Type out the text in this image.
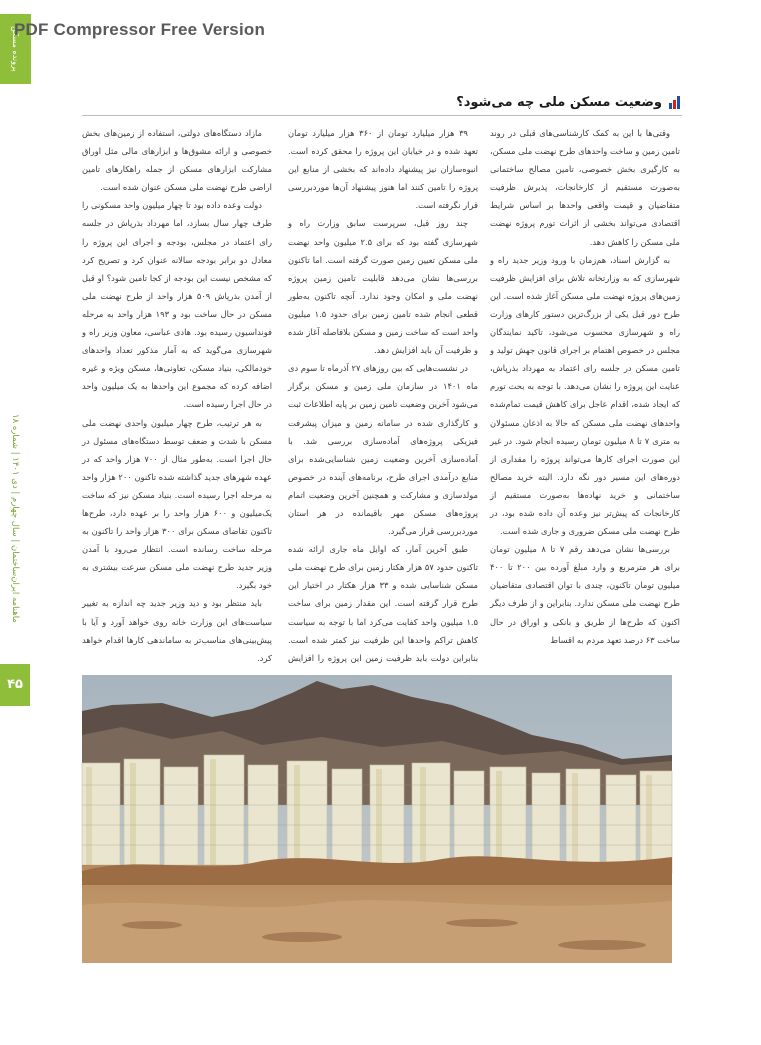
پرونده ‌مسکن
PDF Compressor Free Version
ماهنامه ایران‌ساختمان | سال چهارم | دی ۱۴۰۱ | شماره ۱۸
۴۵
وضعیت مسکن ملی چه می‌شود؟

وقتی‌ها با این به کمک کارشناسی‌های قبلی در روند تامین زمین و ساخت واحدهای طرح نهضت ملی مسکن، به کارگیری بخش خصوصی، تامین مصالح ساختمانی به‌صورت مستقیم از کارخانجات، پذیرش ظرفیت متقاضیان و قیمت واقعی واحدها بر اساس شرایط اقتصادی می‌تواند بخشی از اثرات تورم پروژه نهضت ملی مسکن را کاهش دهد.

به گزارش اسناد، هم‌زمان با ورود وزیر جدید راه و شهرسازی که به وزارتخانه تلاش برای افزایش ظرفیت زمین‌های پروژه نهضت ملی مسکن آغاز شده است. این طرح دور قبل یکی از بزرگ‌ترین دستور کارهای وزارت راه و شهرسازی محسوب می‌شود، تاکید نمایندگان مجلس در خصوص اهتمام بر اجرای قانون جهش تولید و تامین مسکن در جلسه رای اعتماد به مهرداد بذرپاش، عنایت این پروژه را نشان می‌دهد. با توجه به بحث تورم که ایجاد شده، اقدام عاجل برای کاهش قیمت تمام‌شده واحدهای نهضت ملی مسکن که حالا به اذعان مسئولان به متری ۷ تا ۸ میلیون تومان رسیده انجام شود. در غیر این صورت اجرای کارها می‌تواند پروژه را مقداری از دوره‌های این مسیر دور نگه دارد. البته خرید مصالح ساختمانی و خرید نهاده‌ها به‌صورت مستقیم از کارخانجات که پیش‌تر نیز وعده آن داده شده بود، در طرح نهضت ملی مسکن ضروری و جاری شده است.

بررسی‌ها نشان می‌دهد رقم ۷ تا ۸ میلیون تومان برای هر مترمربع و وارد مبلغ آورده بین ۲۰۰ تا ۴۰۰ میلیون تومان تاکنون، چندی با توان اقتصادی متقاضیان طرح نهضت ملی مسکن ندارد. بنابراین و از طرف دیگر اکنون که طرح‌ها از طریق و بانکی و اوراق در حال ساخت ۶۳ درصد تعهد مردم به اقساط

۳۹ هزار میلیارد تومان از ۳۶۰ هزار میلیارد تومان تعهد شده و در خیابان این پروژه را محقق کرده است. انبوه‌سازان نیز پیشنهاد داده‌اند که بخشی از منابع این پروژه را تامین کنند اما هنوز پیشنهاد آن‌ها موردبررسی قرار نگرفته است.

چند روز قبل، سرپرست سابق وزارت راه و شهرسازی گفته بود که برای ۲.۵ میلیون واحد نهضت ملی مسکن تعیین زمین صورت گرفته است. اما تاکنون بررسی‌ها نشان می‌دهد قابلیت تامین زمین پروژه نهضت ملی و امکان وجود ندارد. آنچه تاکنون به‌طور قطعی انجام شده تامین زمین برای حدود ۱.۵ میلیون واحد است که ساخت زمین و مسکن بلافاصله آغاز شده و ظرفیت آن باید افزایش دهد.

در نشست‌هایی که بین روزهای ۲۷ آذرماه تا سوم دی ماه ۱۴۰۱ در سازمان ملی زمین و مسکن برگزار می‌شود آخرین وضعیت تامین زمین بر پایه اطلاعات ثبت و کارگذاری شده در سامانه زمین و میزان پیشرفت فیزیکی پروژه‌های آماده‌سازی بررسی شد. با آماده‌سازی آخرین وضعیت زمین شناسایی‌شده برای منابع درآمدی اجرای طرح، برنامه‌های آینده در خصوص مولدسازی و مشارکت و همچنین آخرین وضعیت اتمام پروژه‌های مسکن مهر باقیمانده در هر استان موردبررسی قرار می‌گیرد.

طبق آخرین آمار، که اوایل ماه جاری ارائه شده تاکنون حدود ۵۷ هزار هکتار زمین برای طرح نهضت ملی مسکن شناسایی شده و ۳۳ هزار هکتار در اختیار این طرح قرار گرفته است. این مقدار زمین برای ساخت ۱.۵ میلیون واحد کفایت می‌کرد اما با توجه به سیاست کاهش تراکم واحدها این ظرفیت نیز کمتر شده است. بنابراین دولت باید ظرفیت زمین این پروژه را افزایش

مازاد دستگاه‌های دولتی، استفاده از زمین‌های بخش خصوصی و ارائه مشوق‌ها و ابزارهای مالی مثل اوراق مشارکت ابزارهای مسکن از جمله راهکارهای تامین اراضی طرح نهضت ملی مسکن عنوان شده است.

دولت وعده داده بود تا چهار میلیون واحد مسکونی را طرف چهار سال بسازد، اما مهرداد بذرپاش در جلسه رای اعتماد در مجلس، بودجه و اجرای این پروژه را معادل دو برابر بودجه سالانه عنوان کرد و تصریح کرد که مشخص نیست این بودجه از کجا تامین شود؟ او قبل از آمدن بذرپاش ۵۰۹ هزار واحد از طرح نهضت ملی مسکن در حال ساخت بود و ۱۹۳ هزار واحد به مرحله فونداسیون رسیده بود. هادی عباسی، معاون وزیر راه و شهرسازی می‌گوید که به آمار مذکور تعداد واحدهای خودمالکی، بنیاد مسکن، تعاونی‌ها، مسکن ویژه و غیره اضافه کرده که مجموع این واحدها به یک میلیون واحد در حال اجرا رسیده است.

به هر ترتیب، طرح چهار میلیون واحدی نهضت ملی مسکن با شدت و ضعف توسط دستگاه‌های مسئول در حال اجرا است. به‌طور مثال از ۷۰۰ هزار واحد که در عهده شهرهای جدید گذاشته شده تاکنون ۲۰۰ هزار واحد به مرحله اجرا رسیده است. بنیاد مسکن نیز که ساخت یک‌میلیون و ۶۰۰ هزار واحد را بر عهده دارد، طرح‌ها تاکنون تقاضای مسکن برای ۳۰۰ هزار واحد را تاکنون به مرحله ساخت رسانده است. انتظار می‌رود با آمدن وزیر جدید طرح نهضت ملی مسکن سرعت بیشتری به خود بگیرد.

باید منتظر بود و دید وزیر جدید چه اندازه به تغییر سیاست‌های این وزارت خانه روی خواهد آورد و آیا با پیش‌بینی‌های مناسب‌تر به ساماندهی کارها اقدام خواهد کرد.
